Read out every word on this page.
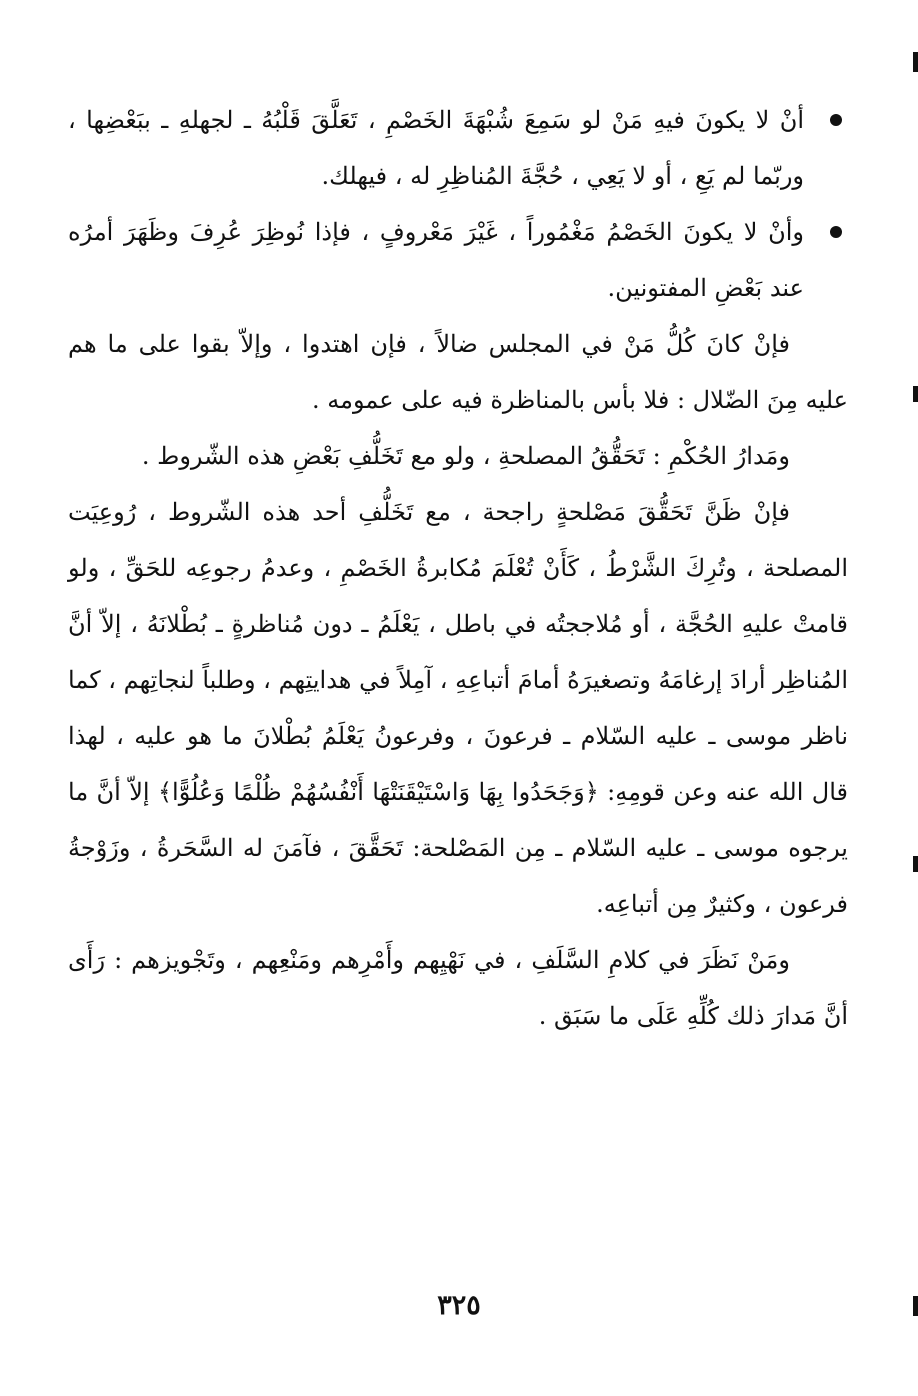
أنْ لا يكونَ فيهِ مَنْ لو سَمِعَ شُبْهَةَ الخَصْمِ ، تَعَلَّقَ قَلْبُهُ ـ لجهلهِ ـ ببَعْضِها ، وربّما لم يَعِ ، أو لا يَعِي ، حُجَّةَ المُناظِرِ له ، فيهلك.
وأنْ لا يكونَ الخَصْمُ مَغْمُوراً ، غَيْرَ مَعْروفٍ ، فإذا نُوظِرَ عُرِفَ وظَهَرَ أمرُه عند بَعْضِ المفتونين.

فإنْ كانَ كُلُّ مَنْ في المجلس ضالاً ، فإن اهتدوا ، وإلاّ بقوا على ما هم عليه مِنَ الضّلال : فلا بأس بالمناظرة فيه على عمومه .

ومَدارُ الحُكْمِ : تَحَقُّقُ المصلحةِ ، ولو مع تَخَلُّفِ بَعْضِ هذه الشّروط .

فإنْ ظَنَّ تَحَقُّقَ مَصْلحةٍ راجحة ، مع تَخَلُّفِ أحد هذه الشّروط ، رُوعِيَت المصلحة ، وتُرِكَ الشَّرْطُ ، كَأَنْ تُعْلَمَ مُكابرةُ الخَصْمِ ، وعدمُ رجوعِه للحَقِّ ، ولو قامتْ عليهِ الحُجَّة ، أو مُلاججتُه في باطل ، يَعْلَمُ ـ دون مُناظرةٍ ـ بُطْلانَهُ ، إلاّ أنَّ المُناظِر أرادَ إرغامَهُ وتصغيرَهُ أمامَ أتباعِهِ ، آمِلاً في هدايتِهم ، وطلباً لنجاتِهم ، كما ناظر موسى ـ عليه السّلام ـ فرعونَ ، وفرعونُ يَعْلَمُ بُطْلانَ ما هو عليه ، لهذا قال الله عنه وعن قومِهِ: ﴿وَجَحَدُوا بِهَا وَاسْتَيْقَنَتْهَا أَنْفُسُهُمْ ظُلْمًا وَعُلُوًّا﴾ إلاّ أنَّ ما يرجوه موسى ـ عليه السّلام ـ مِن المَصْلحة: تَحَقَّقَ ، فآمَنَ له السَّحَرةُ ، وزَوْجةُ فرعون ، وكثيرٌ مِن أتباعِه.

ومَنْ نَظَرَ في كلامِ السَّلَفِ ، في نَهْيِهم وأَمْرِهم ومَنْعِهم ، وتَجْويزهم : رَأَى أنَّ مَدارَ ذلك كُلِّهِ عَلَى ما سَبَق .

٣٢٥
